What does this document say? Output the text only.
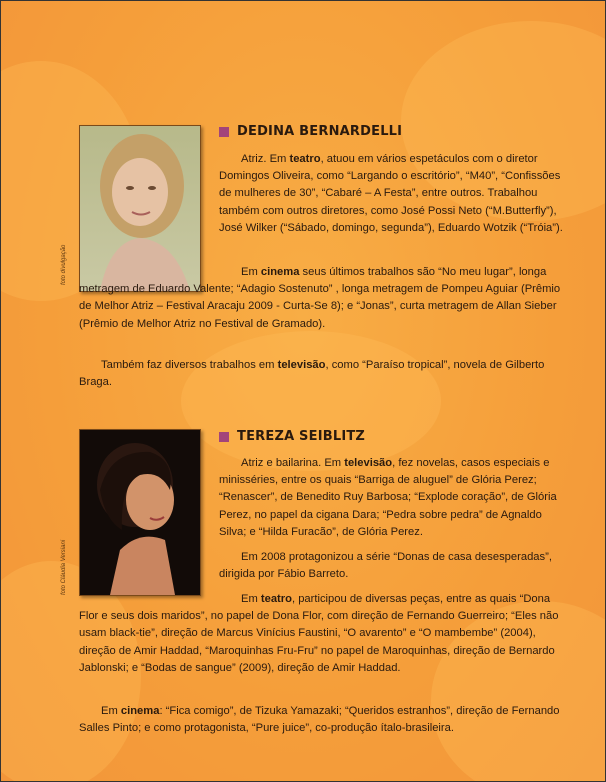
foto divulgação
DEDINA BERNARDELLI

Atriz. Em teatro, atuou em vários espetáculos com o diretor Domingos Oliveira, como “Largando o escritório”, “M40”, “Confissões de mulheres de 30”, “Cabaré – A Festa”, entre outros. Trabalhou também com outros diretores, como José Possi Neto (“M.Butterfly”), José Wilker (“Sábado, domingo, segunda”), Eduardo Wotzik (“Tróia”).

Em cinema seus últimos trabalhos são “No meu lugar”, longa metragem de Eduardo Valente; “Adagio Sostenuto” , longa metragem de Pompeu Aguiar (Prêmio de Melhor Atriz – Festival Aracaju 2009 - Curta-Se 8); e “Jonas”, curta metragem de Allan Sieber (Prêmio de Melhor Atriz no Festival de Gramado).

Também faz diversos trabalhos em televisão, como “Paraíso tropical”, novela de Gilberto Braga.

foto Cláudia Versiani
TEREZA SEIBLITZ

Atriz e bailarina. Em televisão, fez novelas, casos especiais e minisséries, entre os quais “Barriga de aluguel” de Glória Perez; “Renascer”, de Benedito Ruy Barbosa; “Explode coração”, de Glória Perez, no papel da cigana Dara; “Pedra sobre pedra” de Agnaldo Silva; e “Hilda Furacão”, de Glória Perez.

Em 2008 protagonizou a série “Donas de casa desesperadas”, dirigida por Fábio Barreto.

Em teatro, participou de diversas peças, entre as quais “Dona Flor e seus dois maridos”, no papel de Dona Flor, com direção de Fernando Guerreiro; “Eles não usam black-tie”, direção de Marcus Vinícius Faustini, “O avarento” e “O mambembe” (2004), direção de Amir Haddad, “Maroquinhas Fru-Fru” no papel de Maroquinhas, direção de Bernardo Jablonski; e “Bodas de sangue” (2009), direção de Amir Haddad.

Em cinema: “Fica comigo”, de Tizuka Yamazaki; “Queridos estranhos”, direção de Fernando Salles Pinto; e como protagonista, “Pure juice”, co-produção ítalo-brasileira.
